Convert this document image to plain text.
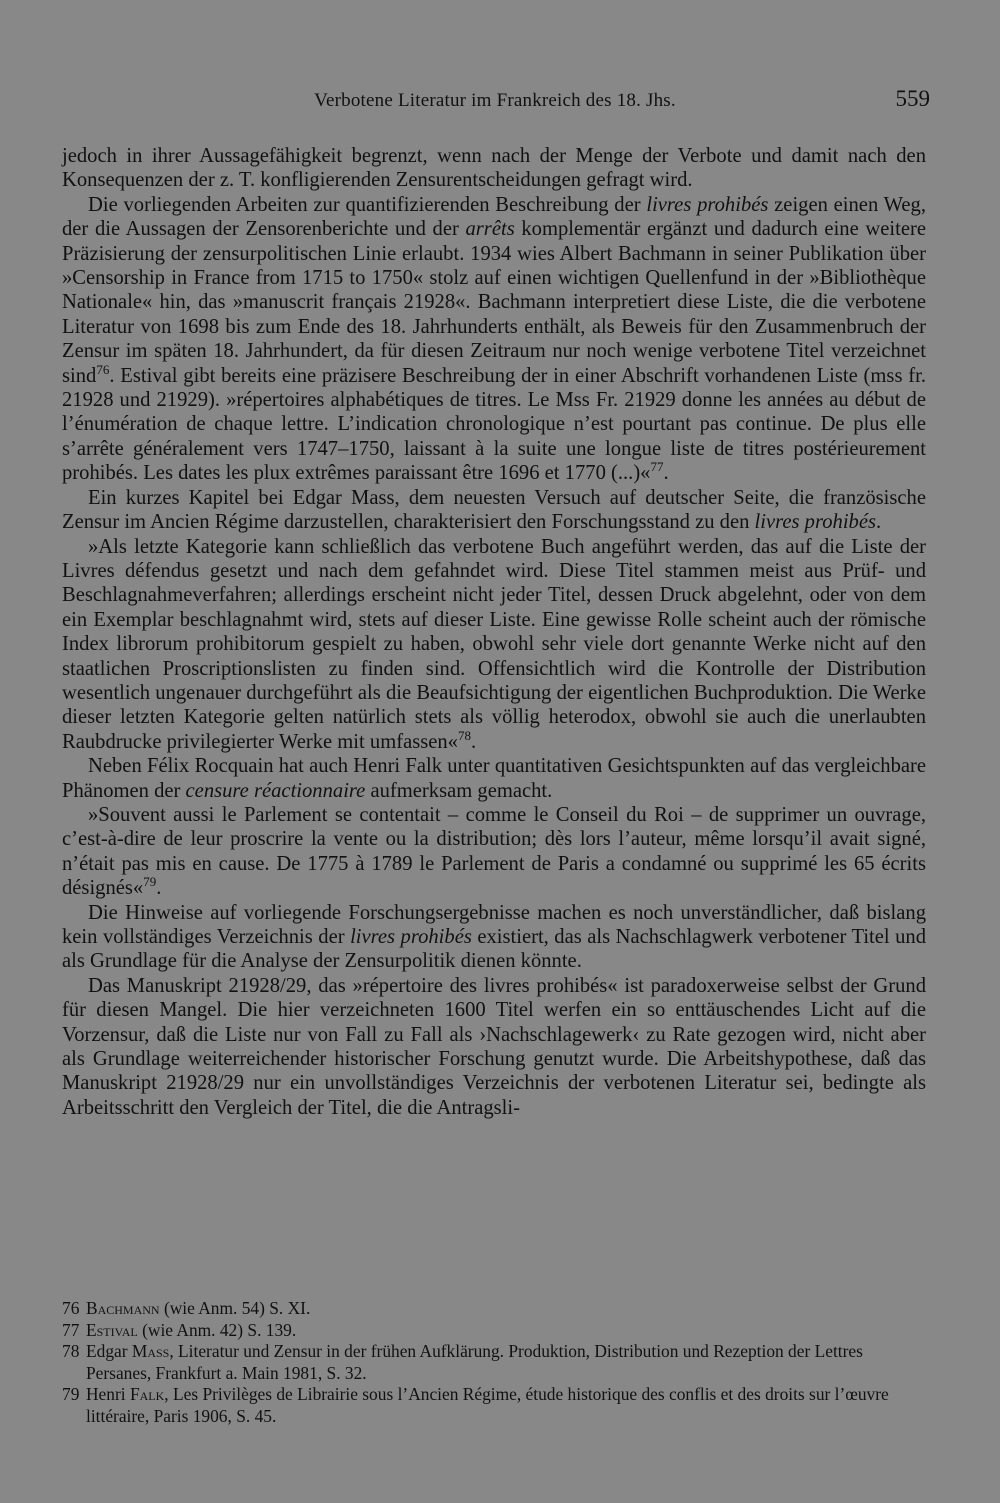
Verbotene Literatur im Frankreich des 18. Jhs.	559

jedoch in ihrer Aussagefähigkeit begrenzt, wenn nach der Menge der Verbote und damit nach den Konsequenzen der z. T. konfligierenden Zensurentscheidungen gefragt wird.

Die vorliegenden Arbeiten zur quantifizierenden Beschreibung der livres prohibés zeigen einen Weg, der die Aussagen der Zensorenberichte und der arrêts komplementär ergänzt und dadurch eine weitere Präzisierung der zensurpolitischen Linie erlaubt. 1934 wies Albert Bachmann in seiner Publikation über »Censorship in France from 1715 to 1750« stolz auf einen wichtigen Quellenfund in der »Bibliothèque Nationale« hin, das »manuscrit français 21928«. Bachmann interpretiert diese Liste, die die verbotene Literatur von 1698 bis zum Ende des 18. Jahrhunderts enthält, als Beweis für den Zusammenbruch der Zensur im späten 18. Jahrhundert, da für diesen Zeitraum nur noch wenige verbotene Titel verzeichnet sind$^{76}$. Estival gibt bereits eine präzisere Beschreibung der in einer Abschrift vorhandenen Liste (mss fr. 21928 und 21929). »répertoires alphabétiques de titres. Le Mss Fr. 21929 donne les années au début de l’énumération de chaque lettre. L’indication chronologique n’est pourtant pas continue. De plus elle s’arrête généralement vers 1747–1750, laissant à la suite une longue liste de titres postérieurement prohibés. Les dates les plux extrêmes paraissant être 1696 et 1770 (...)«$^{77}$.

Ein kurzes Kapitel bei Edgar Mass, dem neuesten Versuch auf deutscher Seite, die französische Zensur im Ancien Régime darzustellen, charakterisiert den Forschungsstand zu den livres prohibés.

»Als letzte Kategorie kann schließlich das verbotene Buch angeführt werden, das auf die Liste der Livres défendus gesetzt und nach dem gefahndet wird. Diese Titel stammen meist aus Prüf- und Beschlagnahmeverfahren; allerdings erscheint nicht jeder Titel, dessen Druck abgelehnt, oder von dem ein Exemplar beschlagnahmt wird, stets auf dieser Liste. Eine gewisse Rolle scheint auch der römische Index librorum prohibitorum gespielt zu haben, obwohl sehr viele dort genannte Werke nicht auf den staatlichen Proscriptionslisten zu finden sind. Offensichtlich wird die Kontrolle der Distribution wesentlich ungenauer durchgeführt als die Beaufsichtigung der eigentlichen Buchproduktion. Die Werke dieser letzten Kategorie gelten natürlich stets als völlig heterodox, obwohl sie auch die unerlaubten Raubdrucke privilegierter Werke mit umfassen«$^{78}$.

Neben Félix Rocquain hat auch Henri Falk unter quantitativen Gesichtspunkten auf das vergleichbare Phänomen der censure réactionnaire aufmerksam gemacht.

»Souvent aussi le Parlement se contentait – comme le Conseil du Roi – de supprimer un ouvrage, c’est-à-dire de leur proscrire la vente ou la distribution; dès lors l’auteur, même lorsqu’il avait signé, n’était pas mis en cause. De 1775 à 1789 le Parlement de Paris a condamné ou supprimé les 65 écrits désignés«$^{79}$.

Die Hinweise auf vorliegende Forschungsergebnisse machen es noch unverständlicher, daß bislang kein vollständiges Verzeichnis der livres prohibés existiert, das als Nachschlagwerk verbotener Titel und als Grundlage für die Analyse der Zensurpolitik dienen könnte.

Das Manuskript 21928/29, das »répertoire des livres prohibés« ist paradoxerweise selbst der Grund für diesen Mangel. Die hier verzeichneten 1600 Titel werfen ein so enttäuschendes Licht auf die Vorzensur, daß die Liste nur von Fall zu Fall als ›Nachschlagewerk‹ zu Rate gezogen wird, nicht aber als Grundlage weiterreichender historischer Forschung genutzt wurde. Die Arbeitshypothese, daß das Manuskript 21928/29 nur ein unvollständiges Verzeichnis der verbotenen Literatur sei, bedingte als Arbeitsschritt den Vergleich der Titel, die die Antragsli-

76 Bachmann (wie Anm. 54) S. XI.
77 Estival (wie Anm. 42) S. 139.
78 Edgar Mass, Literatur und Zensur in der frühen Aufklärung. Produktion, Distribution und Rezeption der Lettres Persanes, Frankfurt a. Main 1981, S. 32.
79 Henri Falk, Les Privilèges de Librairie sous l’Ancien Régime, étude historique des conflis et des droits sur l’œuvre littéraire, Paris 1906, S. 45.
